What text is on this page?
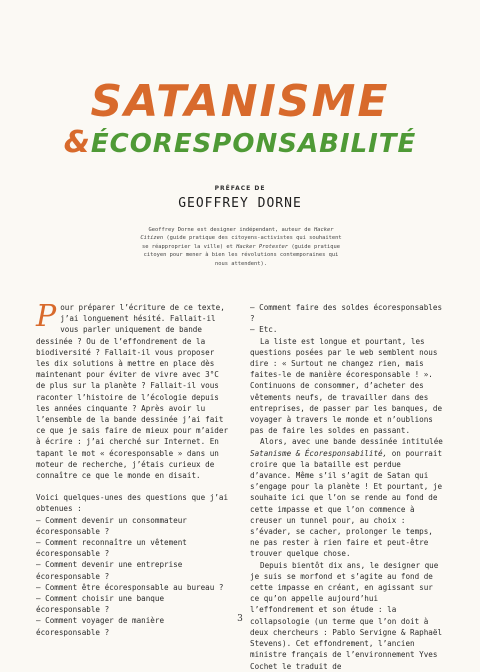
SATANISME
&ÉCORESPONSABILITÉ
PRÉFACE DE
GEOFFREY DORNE
Geoffrey Dorne est designer indépendant, auteur de Hacker Citizen (guide pratique des citoyens-activistes qui souhaitent se réapproprier la ville) et Hacker Protester (guide pratique citoyen pour mener à bien les révolutions contemporaines qui nous attendent).

Pour préparer l’écriture de ce texte, j’ai longuement hésité. Fallait-il vous parler uniquement de bande dessinée ? Ou de l’effondrement de la biodiversité ? Fallait-il vous proposer les dix solutions à mettre en place dès maintenant pour éviter de vivre avec 3°C de plus sur la planète ? Fallait-il vous raconter l’histoire de l’écologie depuis les années cinquante ? Après avoir lu l’ensemble de la bande dessinée j’ai fait ce que je sais faire de mieux pour m’aider à écrire : j’ai cherché sur Internet. En tapant le mot « écoresponsable » dans un moteur de recherche, j’étais curieux de connaître ce que le monde en disait.

Voici quelques-unes des questions que j’ai obtenues :

— Comment devenir un consommateur écoresponsable ?

— Comment reconnaître un vêtement écoresponsable ?

— Comment devenir une entreprise écoresponsable ?

— Comment être écoresponsable au bureau ?

— Comment choisir une banque écoresponsable ?

— Comment voyager de manière écoresponsable ?

— Comment faire des soldes écoresponsables ?

— Etc.

La liste est longue et pourtant, les questions posées par le web semblent nous dire : « Surtout ne changez rien, mais faites-le de manière écoresponsable ! ». Continuons de consommer, d’acheter des vêtements neufs, de travailler dans des entreprises, de passer par les banques, de voyager à travers le monde et n’oublions pas de faire les soldes en passant.

Alors, avec une bande dessinée intitulée Satanisme & Écoresponsabilité, on pourrait croire que la bataille est perdue d’avance. Même s’il s’agit de Satan qui s’engage pour la planète ! Et pourtant, je souhaite ici que l’on se rende au fond de cette impasse et que l’on commence à creuser un tunnel pour, au choix : s’évader, se cacher, prolonger le temps, ne pas rester à rien faire et peut-être trouver quelque chose.

Depuis bientôt dix ans, le designer que je suis se morfond et s’agite au fond de cette impasse en créant, en agissant sur ce qu’on appelle aujourd’hui l’effondrement et son étude : la collapsologie (un terme que l’on doit à deux chercheurs : Pablo Servigne & Raphaël Stevens). Cet effondrement, l’ancien ministre français de l’environnement Yves Cochet le traduit de

3
